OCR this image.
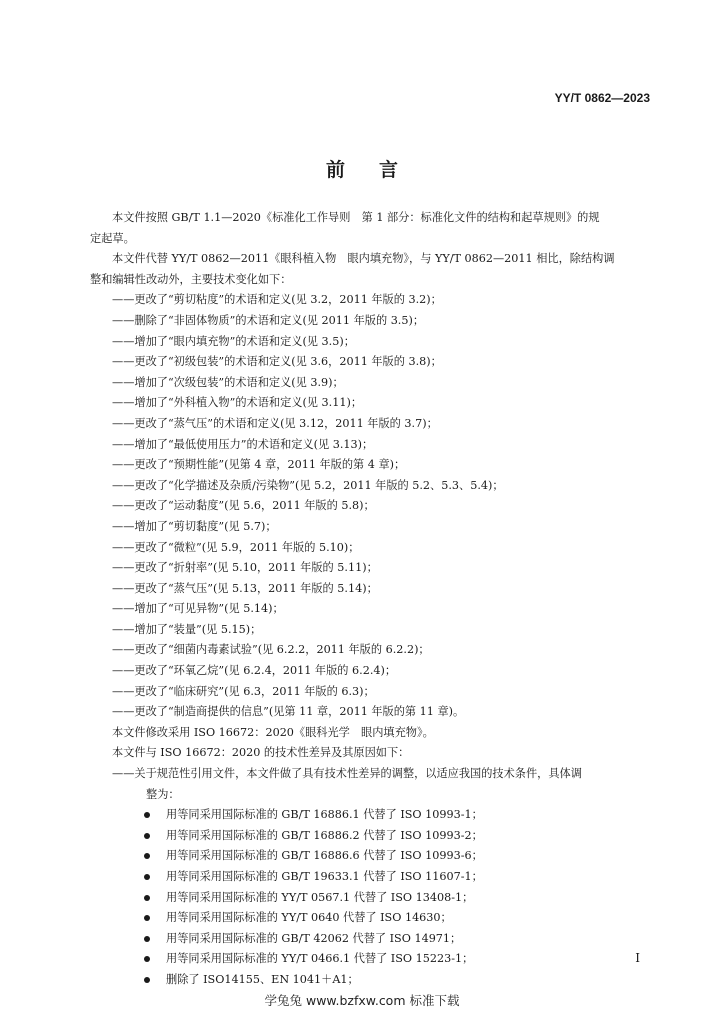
YY/T 0862—2023
前言

本文件按照 GB/T 1.1—2020《标准化工作导则　第 1 部分：标准化文件的结构和起草规则》的规

定起草。

本文件代替 YY/T 0862—2011《眼科植入物　眼内填充物》，与 YY/T 0862—2011 相比，除结构调

整和编辑性改动外，主要技术变化如下：

——更改了“剪切粘度”的术语和定义(见 3.2，2011 年版的 3.2)；

——删除了“非固体物质”的术语和定义(见 2011 年版的 3.5)；

——增加了“眼内填充物”的术语和定义(见 3.5)；

——更改了“初级包装”的术语和定义(见 3.6，2011 年版的 3.8)；

——增加了“次级包装”的术语和定义(见 3.9)；

——增加了“外科植入物”的术语和定义(见 3.11)；

——更改了“蒸气压”的术语和定义(见 3.12，2011 年版的 3.7)；

——增加了“最低使用压力”的术语和定义(见 3.13)；

——更改了“预期性能”(见第 4 章，2011 年版的第 4 章)；

——更改了“化学描述及杂质/污染物”(见 5.2，2011 年版的 5.2、5.3、5.4)；

——更改了“运动黏度”(见 5.6，2011 年版的 5.8)；

——增加了“剪切黏度”(见 5.7)；

——更改了“微粒”(见 5.9，2011 年版的 5.10)；

——更改了“折射率”(见 5.10，2011 年版的 5.11)；

——更改了“蒸气压”(见 5.13，2011 年版的 5.14)；

——增加了“可见异物”(见 5.14)；

——增加了“装量”(见 5.15)；

——更改了“细菌内毒素试验”(见 6.2.2，2011 年版的 6.2.2)；

——更改了“环氧乙烷”(见 6.2.4，2011 年版的 6.2.4)；

——更改了“临床研究”(见 6.3，2011 年版的 6.3)；

——更改了“制造商提供的信息”(见第 11 章，2011 年版的第 11 章)。

本文件修改采用 ISO 16672：2020《眼科光学　眼内填充物》。

本文件与 ISO 16672：2020 的技术性差异及其原因如下：

——关于规范性引用文件，本文件做了具有技术性差异的调整，以适应我国的技术条件，具体调

整为：

用等同采用国际标准的 GB/T 16886.1 代替了 ISO 10993-1；

用等同采用国际标准的 GB/T 16886.2 代替了 ISO 10993-2；

用等同采用国际标准的 GB/T 16886.6 代替了 ISO 10993-6；

用等同采用国际标准的 GB/T 19633.1 代替了 ISO 11607-1；

用等同采用国际标准的 YY/T 0567.1 代替了 ISO 13408-1；

用等同采用国际标准的 YY/T 0640 代替了 ISO 14630；

用等同采用国际标准的 GB/T 42062 代替了 ISO 14971；

用等同采用国际标准的 YY/T 0466.1 代替了 ISO 15223-1；

删除了 ISO14155、EN 1041＋A1；

I
学兔兔 www.bzfxw.com 标准下载
